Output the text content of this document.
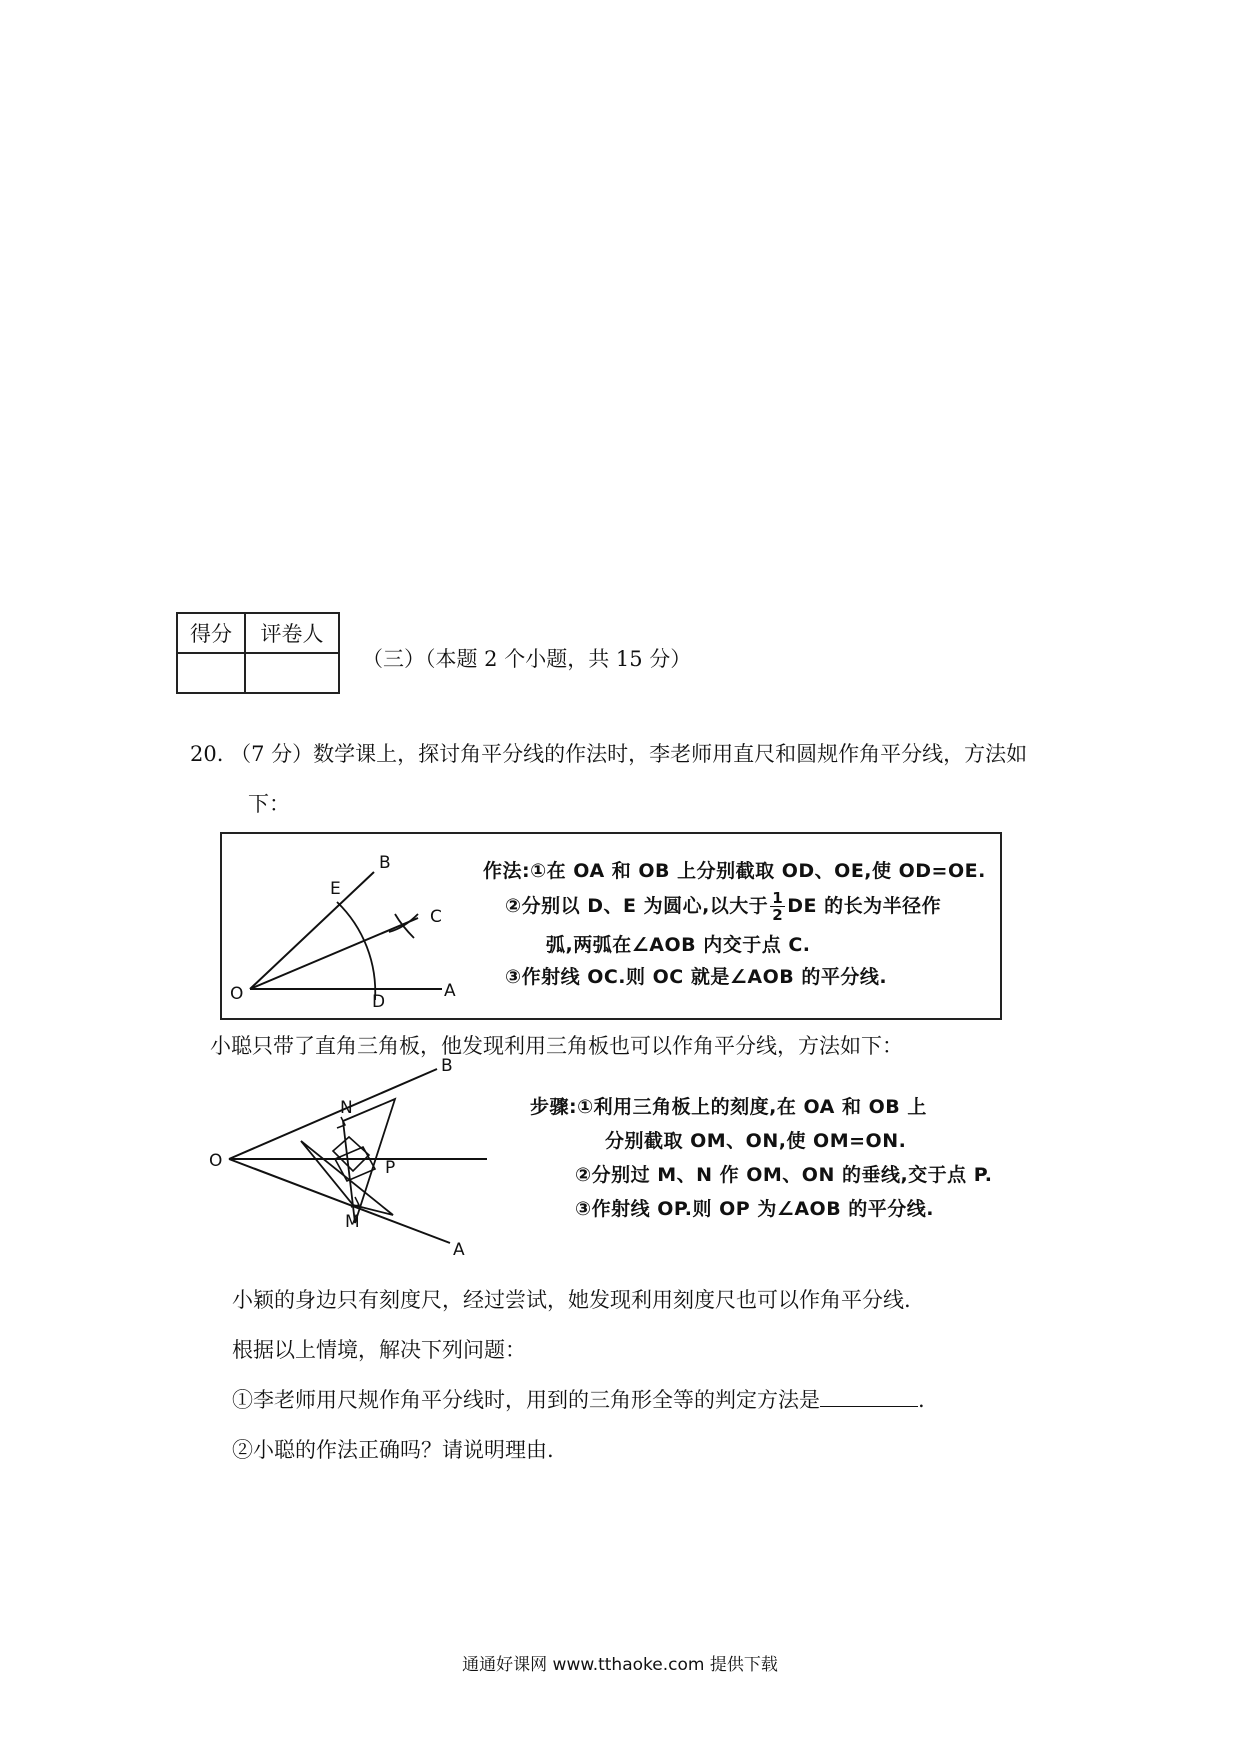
得分	评卷人

（三）（本题 2 个小题，共 15 分）
20. （7 分）数学课上，探讨角平分线的作法时，李老师用直尺和圆规作角平分线，方法如
下：
B
E
C
O	D
A
作法:①在 OA 和 OB 上分别截取 OD、OE,使 OD=OE.
②分别以 D、E 为圆心,以大于 $\frac{1}{2}$ DE 的长为半径作
弧,两弧在∠AOB 内交于点 C.
③作射线 OC.则 OC 就是∠AOB 的平分线.
小聪只带了直角三角板，他发现利用三角板也可以作角平分线，方法如下：
B
N
O	P
M
A
步骤:①利用三角板上的刻度,在 OA 和 OB 上
分别截取 OM、ON,使 OM=ON.
②分别过 M、N 作 OM、ON 的垂线,交于点 P.
③作射线 OP.则 OP 为∠AOB 的平分线.
小颖的身边只有刻度尺，经过尝试，她发现利用刻度尺也可以作角平分线.
根据以上情境，解决下列问题：
①李老师用尺规作角平分线时，用到的三角形全等的判定方法是	.
②小聪的作法正确吗？请说明理由.
通通好课网 www.tthaoke.com 提供下载
